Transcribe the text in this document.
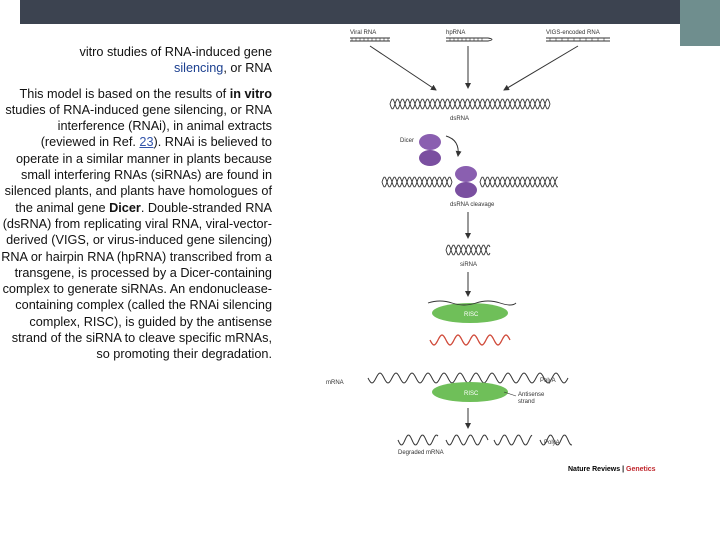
vitro studies of RNA-induced gene
silencing, or RNA

This model is based on the results of in vitro studies of RNA-induced gene silencing, or RNA interference (RNAi), in animal extracts (reviewed in Ref. 23). RNAi is believed to operate in a similar manner in plants because small interfering RNAs (siRNAs) are found in silenced plants, and plants have homologues of the animal gene Dicer. Double-stranded RNA (dsRNA) from replicating viral RNA, viral-vector-derived (VIGS, or virus-induced gene silencing) RNA or hairpin RNA (hpRNA) transcribed from a transgene, is processed by a Dicer-containing complex to generate siRNAs. An endonuclease-containing complex (called the RNAi silencing complex, RISC), is guided by the antisense strand of the siRNA to cleave specific mRNAs, so promoting their degradation.

Viral RNA	hpRNA	VIGS-encoded RNA
dsRNA
Dicer
dsRNA cleavage
siRNA
RISC
RISC
mRNA	PolyA
Antisense
strand
Degraded mRNA
PolyA
Nature Reviews | Genetics
